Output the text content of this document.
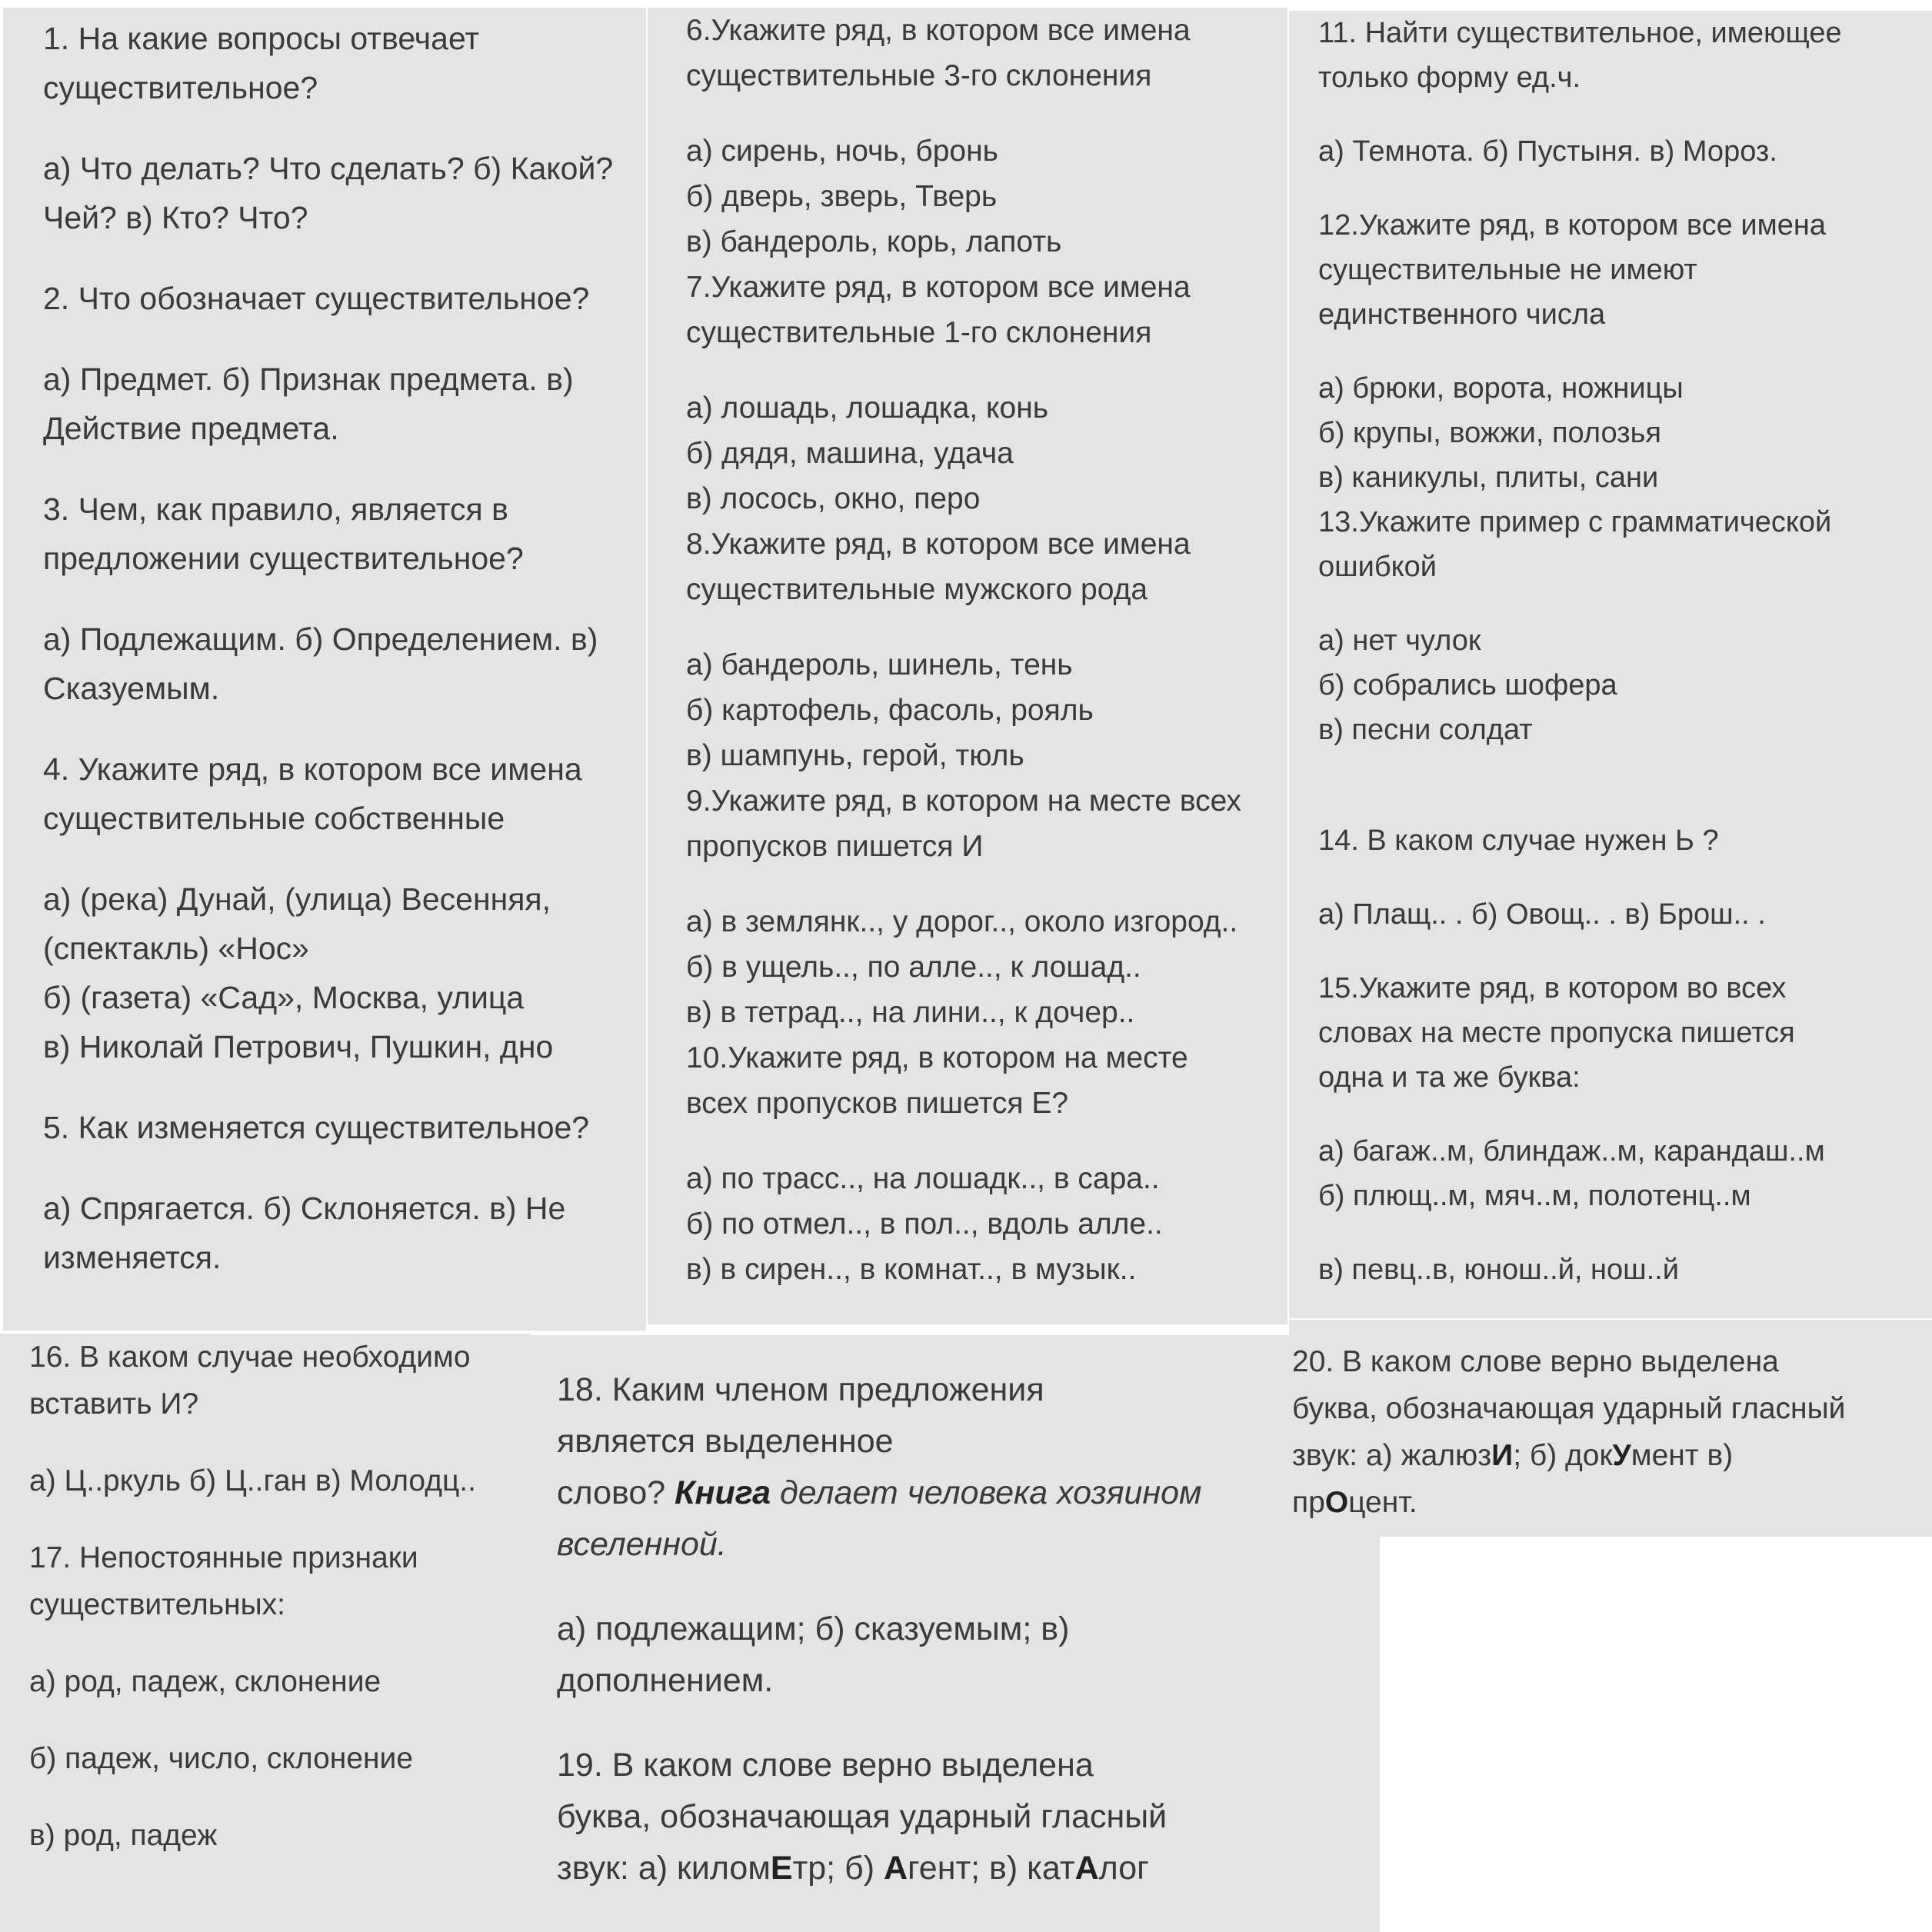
1. На какие вопросы отвечает
существительное?

а) Что делать? Что сделать? б) Какой?
Чей? в) Кто? Что?

2. Что обозначает существительное?

а) Предмет. б) Признак предмета. в)
Действие предмета.

3. Чем, как правило, является в
предложении существительное?

а) Подлежащим. б) Определением. в)
Сказуемым.

4. Укажите ряд, в котором все имена
существительные собственные

а) (река) Дунай, (улица) Весенняя,
(спектакль) «Нос»
б) (газета) «Сад», Москва, улица
в) Николай Петрович, Пушкин, дно

5. Как изменяется существительное?

а) Спрягается. б) Склоняется. в) Не
изменяется.

6.Укажите ряд, в котором все имена
существительные 3-го склонения

а) сирень, ночь, бронь
б) дверь, зверь, Тверь
в) бандероль, корь, лапоть

7.Укажите ряд, в котором все имена
существительные 1-го склонения

а) лошадь, лошадка, конь
б) дядя, машина, удача
в) лосось, окно, перо

8.Укажите ряд, в котором все имена
существительные мужского рода

а) бандероль, шинель, тень
б) картофель, фасоль, рояль
в) шампунь, герой, тюль

9.Укажите ряд, в котором на месте всех
пропусков пишется И

а) в землянк.., у дорог.., около изгород..
б) в ущель.., по алле.., к лошад..
в) в тетрад.., на лини.., к дочер..

10.Укажите ряд, в котором на месте
всех пропусков пишется Е?

а) по трасс.., на лошадк.., в сара..
б) по отмел.., в пол.., вдоль алле..
в) в сирен.., в комнат.., в музык..

11. Найти существительное, имеющее
только форму ед.ч.

а) Темнота. б) Пустыня. в) Мороз.

12.Укажите ряд, в котором все имена
существительные не имеют
единственного числа

а) брюки, ворота, ножницы
б) крупы, вожжи, полозья
в) каникулы, плиты, сани

13.Укажите пример с грамматической
ошибкой

а) нет чулок
б) собрались шофера
в) песни солдат

14. В каком случае нужен Ь ?

а) Плащ.. . б) Овощ.. . в) Брош.. .

15.Укажите ряд, в котором во всех
словах на месте пропуска пишется
одна и та же буква:

а) багаж..м, блиндаж..м, карандаш..м
б) плющ..м, мяч..м, полотенц..м

в) певц..в, юнош..й, нош..й

16. В каком случае необходимо
вставить И?

а) Ц..ркуль б) Ц..ган в) Молодц..

17. Непостоянные признаки
существительных:

а) род, падеж, склонение

б) падеж, число, склонение

в) род, падеж

18. Каким членом предложения
является выделенное
слово? Книга делает человека хозяином
вселенной.

а) подлежащим; б) сказуемым; в)
дополнением.

19. В каком слове верно выделена
буква, обозначающая ударный гласный
звук: а) киломЕтр; б) Агент; в) катАлог

20. В каком слове верно выделена
буква, обозначающая ударный гласный
звук: а) жалюзИ; б) докУмент в)
прОцент.
